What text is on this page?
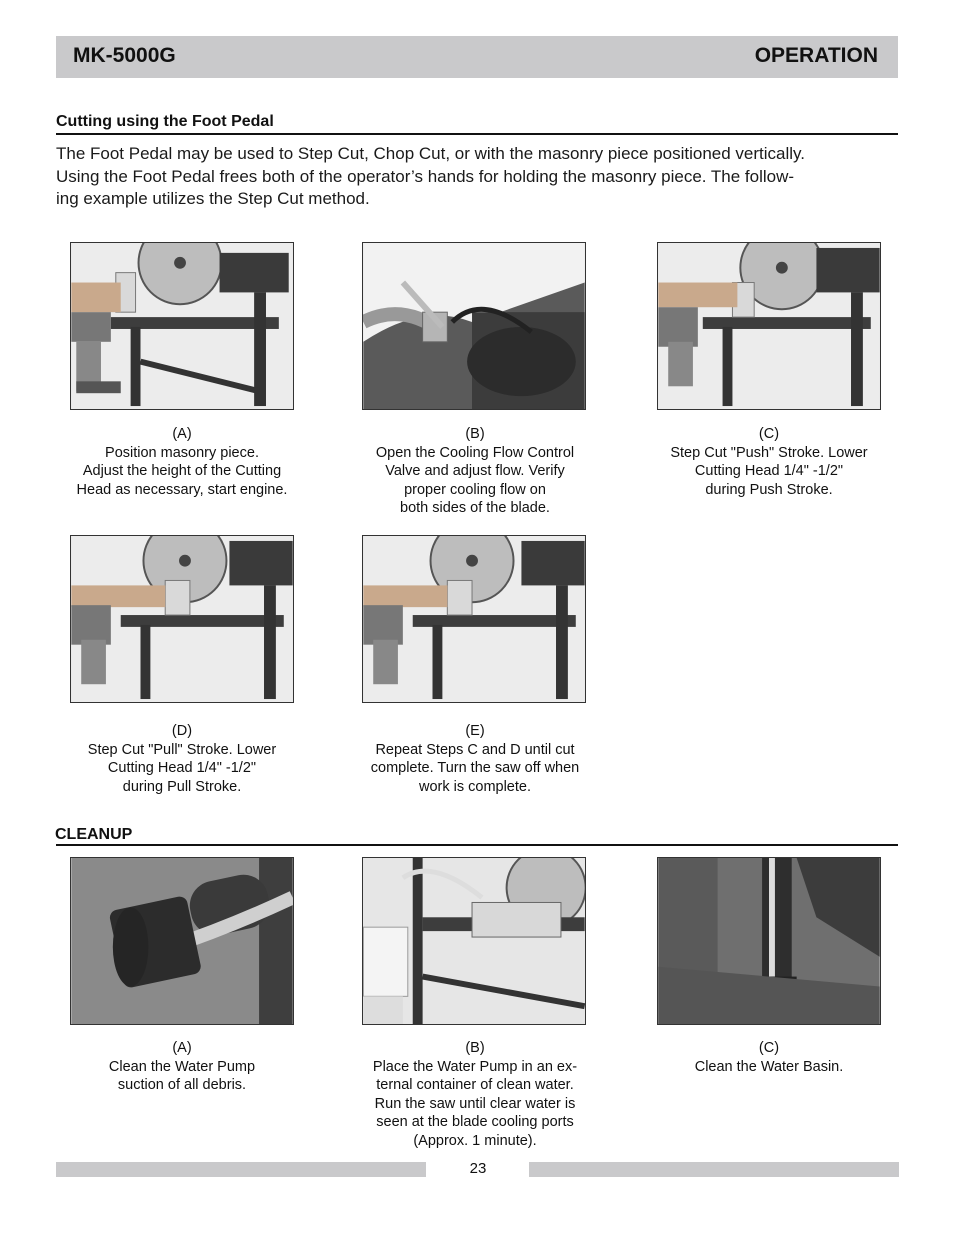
MK-5000G	OPERATION
Cutting using the Foot Pedal
The Foot Pedal may be used to Step Cut, Chop Cut, or with the masonry piece positioned vertically.
Using the Foot Pedal frees both of the operator’s hands for holding the masonry piece. The follow-
ing example utilizes the Step Cut method.
(A)
Position masonry piece.
Adjust the height of the Cutting
Head as necessary, start engine.
(B)
Open the Cooling Flow Control
Valve and adjust flow. Verify
proper cooling flow on
both sides of the blade.
(C)
Step Cut "Push" Stroke. Lower
Cutting Head 1/4" -1/2"
during Push Stroke.
(D)
Step Cut "Pull" Stroke. Lower
Cutting Head 1/4" -1/2"
during Pull Stroke.
(E)
Repeat Steps C and D until cut
complete. Turn the saw off when
work is complete.
CLEANUP
(A)
Clean the Water Pump
suction of all debris.
(B)
Place the Water Pump in an ex-
ternal container of clean water.
Run the saw until clear water is
seen at the blade cooling ports
(Approx. 1 minute).
(C)
Clean the Water Basin.
23
